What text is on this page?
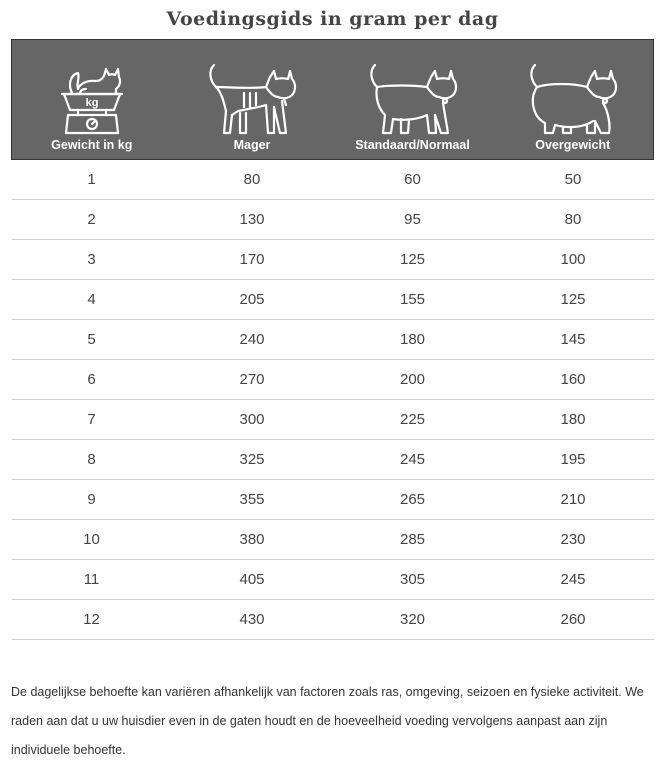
Voedingsgids in gram per dag
kg
Gewicht in kg	Mager	Standaard/Normaal	Overgewicht

1	80	60	50
2	130	95	80
3	170	125	100
4	205	155	125
5	240	180	145
6	270	200	160
7	300	225	180
8	325	245	195
9	355	265	210
10	380	285	230
11	405	305	245
12	430	320	260

De dagelijkse behoefte kan variëren afhankelijk van factoren zoals ras, omgeving, seizoen en fysieke activiteit. We raden aan dat u uw huisdier even in de gaten houdt en de hoeveelheid voeding vervolgens aanpast aan zijn individuele behoefte.
